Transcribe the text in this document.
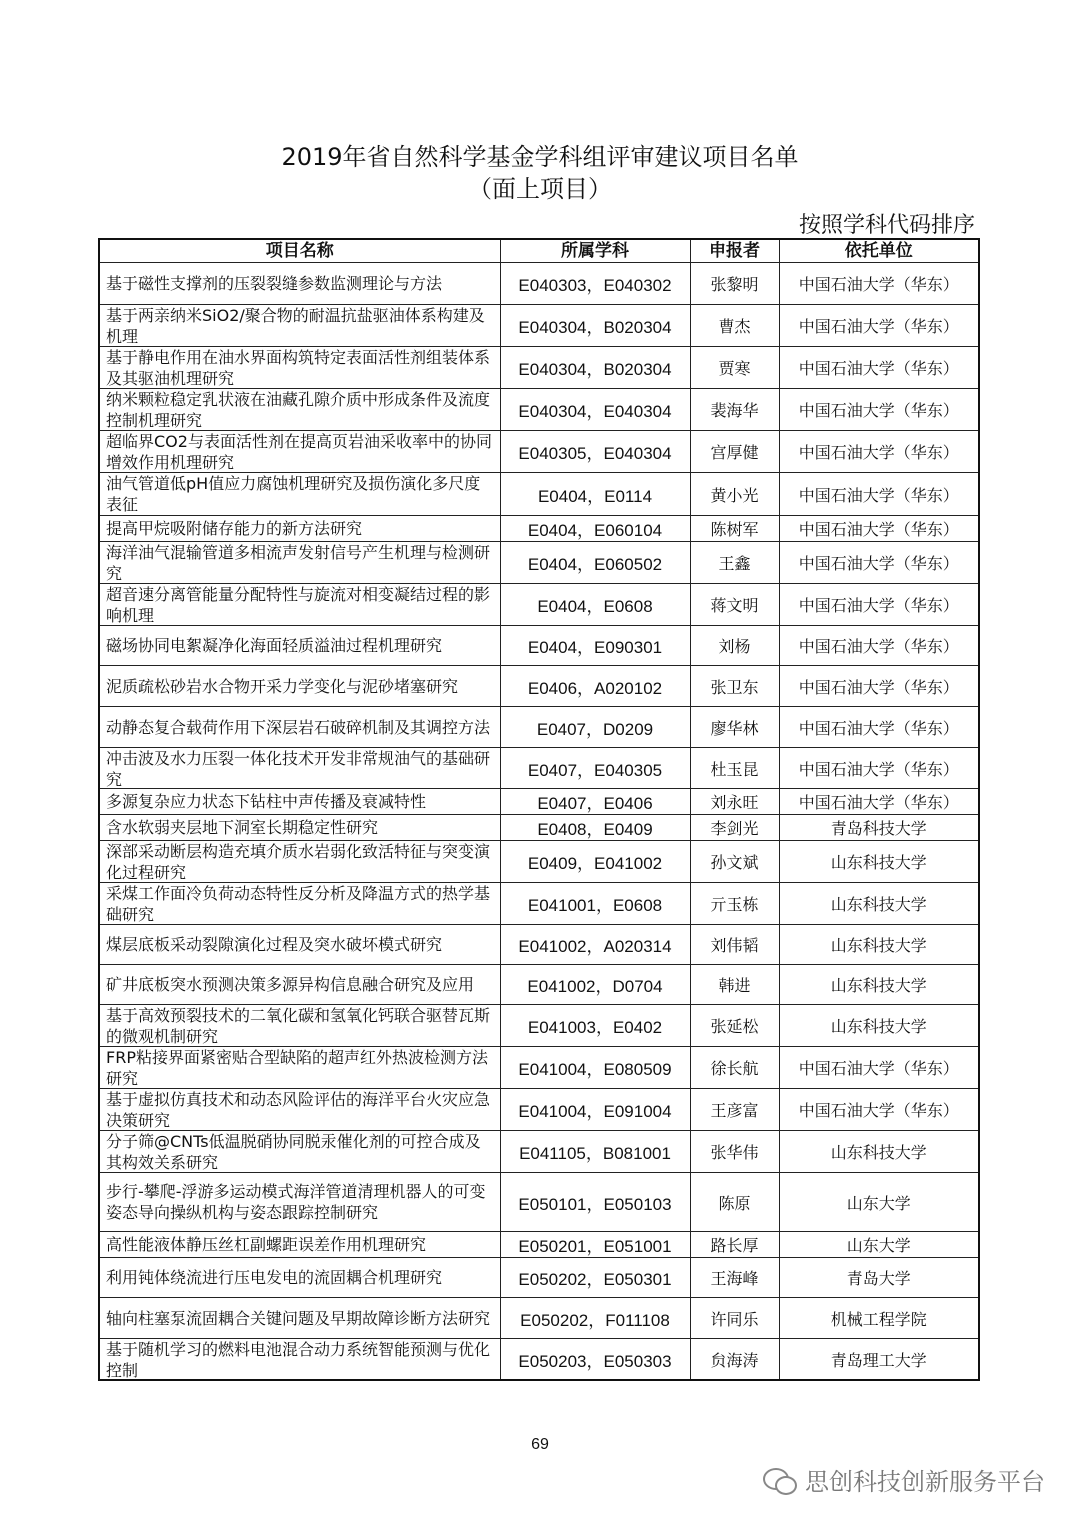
2019年省自然科学基金学科组评审建议项目名单
（面上项目）
按照学科代码排序
项目名称	所属学科	申报者	依托单位

基于磁性支撑剂的压裂裂缝参数监测理论与方法	E040303，E040302	张黎明	中国石油大学（华东）

基于两亲纳米SiO2/聚合物的耐温抗盐驱油体系构建及机理	E040304，B020304	曹杰	中国石油大学（华东）

基于静电作用在油水界面构筑特定表面活性剂组装体系及其驱油机理研究	E040304，B020304	贾寒	中国石油大学（华东）

纳米颗粒稳定乳状液在油藏孔隙介质中形成条件及流度控制机理研究	E040304，E040304	裴海华	中国石油大学（华东）

超临界CO2与表面活性剂在提高页岩油采收率中的协同增效作用机理研究	E040305，E040304	宫厚健	中国石油大学（华东）

油气管道低pH值应力腐蚀机理研究及损伤演化多尺度表征	E0404，E0114	黄小光	中国石油大学（华东）

提高甲烷吸附储存能力的新方法研究	E0404，E060104	陈树军	中国石油大学（华东）

海洋油气混输管道多相流声发射信号产生机理与检测研究	E0404，E060502	王鑫	中国石油大学（华东）

超音速分离管能量分配特性与旋流对相变凝结过程的影响机理	E0404，E0608	蒋文明	中国石油大学（华东）

磁场协同电絮凝净化海面轻质溢油过程机理研究	E0404，E090301	刘杨	中国石油大学（华东）

泥质疏松砂岩水合物开采力学变化与泥砂堵塞研究	E0406，A020102	张卫东	中国石油大学（华东）

动静态复合载荷作用下深层岩石破碎机制及其调控方法	E0407，D0209	廖华林	中国石油大学（华东）

冲击波及水力压裂一体化技术开发非常规油气的基础研究	E0407，E040305	杜玉昆	中国石油大学（华东）

多源复杂应力状态下钻柱中声传播及衰减特性	E0407，E0406	刘永旺	中国石油大学（华东）

含水软弱夹层地下洞室长期稳定性研究	E0408，E0409	李剑光	青岛科技大学

深部采动断层构造充填介质水岩弱化致活特征与突变演化过程研究	E0409，E041002	孙文斌	山东科技大学

采煤工作面冷负荷动态特性反分析及降温方式的热学基础研究	E041001，E0608	亓玉栋	山东科技大学

煤层底板采动裂隙演化过程及突水破坏模式研究	E041002，A020314	刘伟韬	山东科技大学

矿井底板突水预测决策多源异构信息融合研究及应用	E041002，D0704	韩进	山东科技大学

基于高效预裂技术的二氧化碳和氢氧化钙联合驱替瓦斯的微观机制研究	E041003，E0402	张延松	山东科技大学

FRP粘接界面紧密贴合型缺陷的超声红外热波检测方法研究	E041004，E080509	徐长航	中国石油大学（华东）

基于虚拟仿真技术和动态风险评估的海洋平台火灾应急决策研究	E041004，E091004	王彦富	中国石油大学（华东）

分子筛@CNTs低温脱硝协同脱汞催化剂的可控合成及其构效关系研究	E041105，B081001	张华伟	山东科技大学

步行-攀爬-浮游多运动模式海洋管道清理机器人的可变姿态导向操纵机构与姿态跟踪控制研究	E050101，E050103	陈原	山东大学

高性能液体静压丝杠副螺距误差作用机理研究	E050201，E051001	路长厚	山东大学

利用钝体绕流进行压电发电的流固耦合机理研究	E050202，E050301	王海峰	青岛大学

轴向柱塞泵流固耦合关键问题及早期故障诊断方法研究	E050202，F011108	许同乐	机械工程学院

基于随机学习的燃料电池混合动力系统智能预测与优化控制	E050203，E050303	贠海涛	青岛理工大学
69
思创科技创新服务平台
